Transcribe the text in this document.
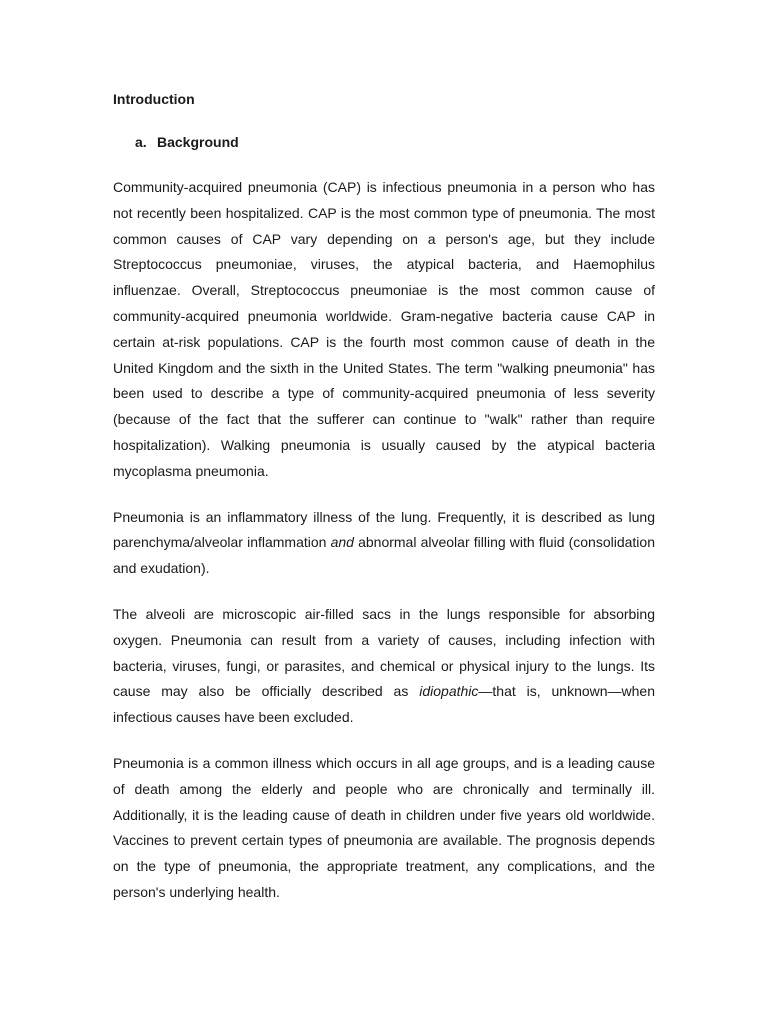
Introduction

a. Background

Community-acquired pneumonia (CAP) is infectious pneumonia in a person who has not recently been hospitalized. CAP is the most common type of pneumonia. The most common causes of CAP vary depending on a person's age, but they include Streptococcus pneumoniae, viruses, the atypical bacteria, and Haemophilus influenzae. Overall, Streptococcus pneumoniae is the most common cause of community-acquired pneumonia worldwide. Gram-negative bacteria cause CAP in certain at-risk populations. CAP is the fourth most common cause of death in the United Kingdom and the sixth in the United States. The term "walking pneumonia" has been used to describe a type of community-acquired pneumonia of less severity (because of the fact that the sufferer can continue to "walk" rather than require hospitalization). Walking pneumonia is usually caused by the atypical bacteria mycoplasma pneumonia.

Pneumonia is an inflammatory illness of the lung. Frequently, it is described as lung parenchyma/alveolar inflammation and abnormal alveolar filling with fluid (consolidation and exudation).

The alveoli are microscopic air-filled sacs in the lungs responsible for absorbing oxygen. Pneumonia can result from a variety of causes, including infection with bacteria, viruses, fungi, or parasites, and chemical or physical injury to the lungs. Its cause may also be officially described as idiopathic—that is, unknown—when infectious causes have been excluded.

Pneumonia is a common illness which occurs in all age groups, and is a leading cause of death among the elderly and people who are chronically and terminally ill. Additionally, it is the leading cause of death in children under five years old worldwide. Vaccines to prevent certain types of pneumonia are available. The prognosis depends on the type of pneumonia, the appropriate treatment, any complications, and the person's underlying health.
